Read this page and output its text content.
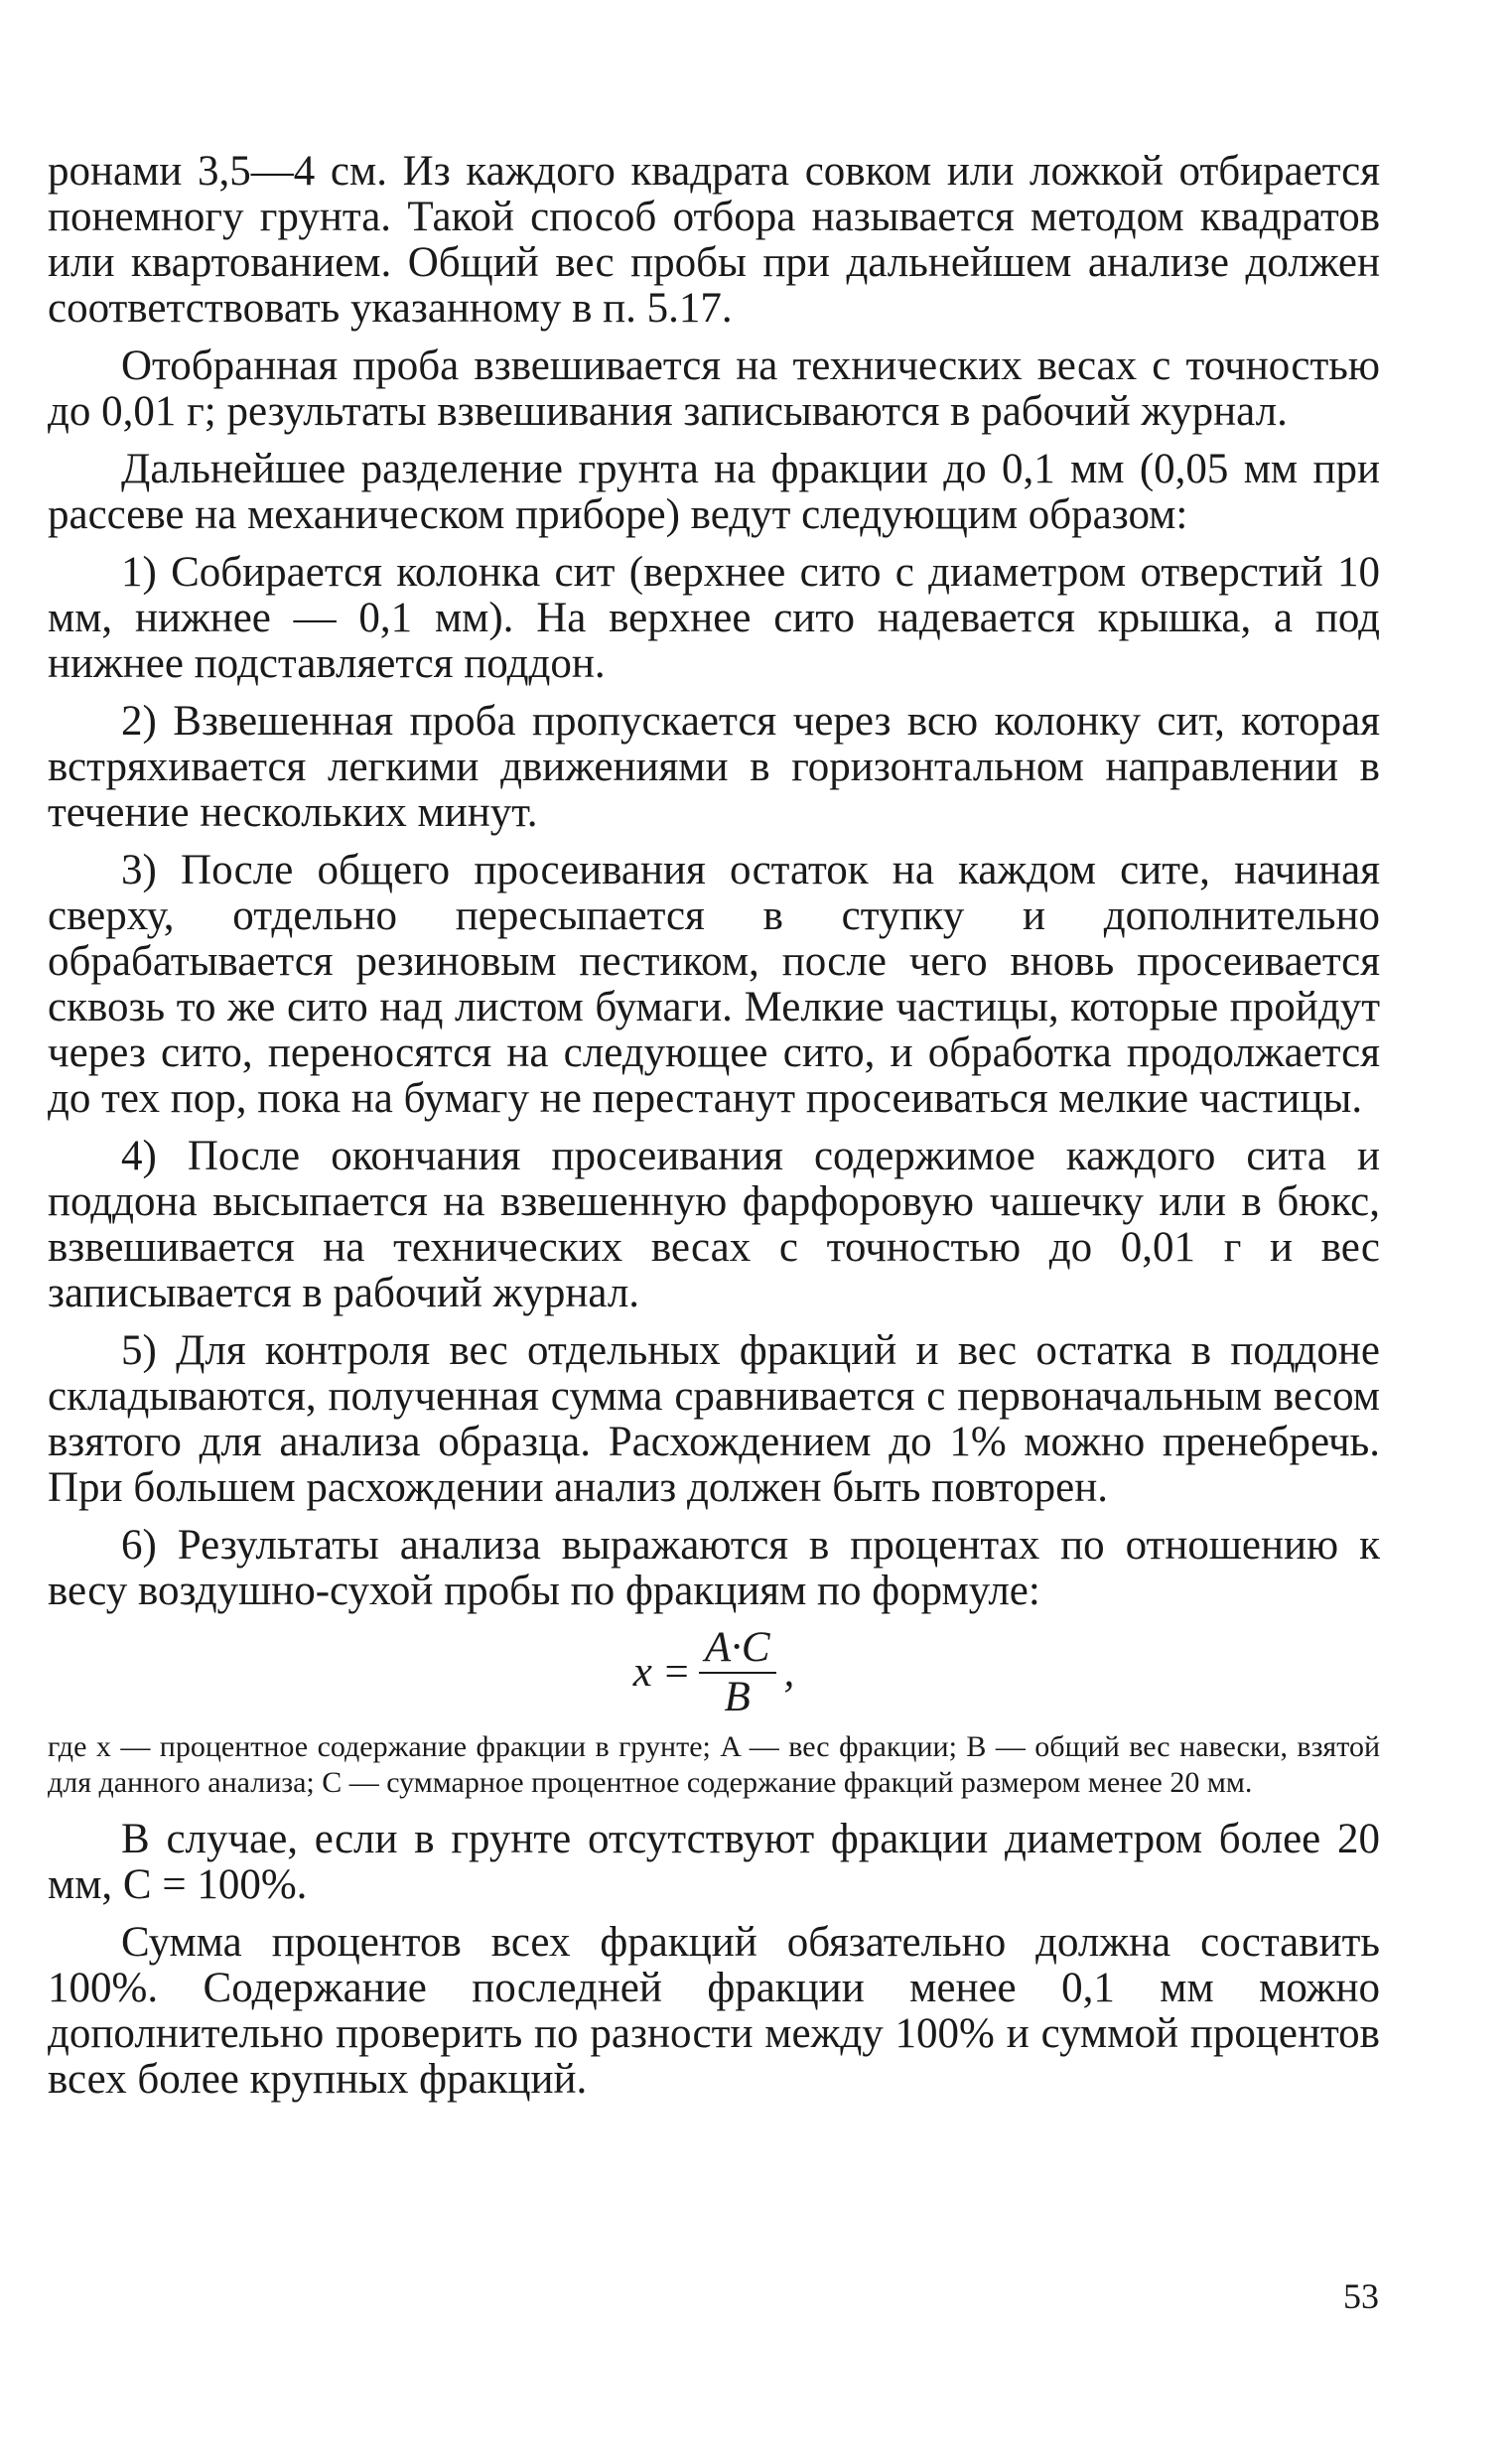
ронами 3,5—4 см. Из каждого квадрата совком или ложкой отбирается понемногу грунта. Такой способ отбора называется методом квадратов или квартованием. Общий вес пробы при дальнейшем анализе должен соответствовать указанному в п. 5.17.

Отобранная проба взвешивается на технических весах с точностью до 0,01 г; результаты взвешивания записываются в рабочий журнал.

Дальнейшее разделение грунта на фракции до 0,1 мм (0,05 мм при рассеве на механическом приборе) ведут следующим образом:

1) Собирается колонка сит (верхнее сито с диаметром отверстий 10 мм, нижнее — 0,1 мм). На верхнее сито надевается крышка, а под нижнее подставляется поддон.

2) Взвешенная проба пропускается через всю колонку сит, которая встряхивается легкими движениями в горизонтальном направлении в течение нескольких минут.

3) После общего просеивания остаток на каждом сите, начиная сверху, отдельно пересыпается в ступку и дополнительно обрабатывается резиновым пестиком, после чего вновь просеивается сквозь то же сито над листом бумаги. Мелкие частицы, которые пройдут через сито, переносятся на следующее сито, и обработка продолжается до тех пор, пока на бумагу не перестанут просеиваться мелкие частицы.

4) После окончания просеивания содержимое каждого сита и поддона высыпается на взвешенную фарфоровую чашечку или в бюкс, взвешивается на технических весах с точностью до 0,01 г и вес записывается в рабочий журнал.

5) Для контроля вес отдельных фракций и вес остатка в поддоне складываются, полученная сумма сравнивается с первоначальным весом взятого для анализа образца. Расхождением до 1% можно пренебречь. При большем расхождении анализ должен быть повторен.

6) Результаты анализа выражаются в процентах по отношению к весу воздушно-сухой пробы по фракциям по формуле:

$x = \frac{A\cdot C}{B}$ ,

где x — процентное содержание фракции в грунте; A — вес фракции; B — общий вес навески, взятой для данного анализа; C — суммарное процентное содержание фракций размером менее 20 мм.

В случае, если в грунте отсутствуют фракции диаметром более 20 мм, C = 100%.

Сумма процентов всех фракций обязательно должна составить 100%. Содержание последней фракции менее 0,1 мм можно дополнительно проверить по разности между 100% и суммой процентов всех более крупных фракций.

53
